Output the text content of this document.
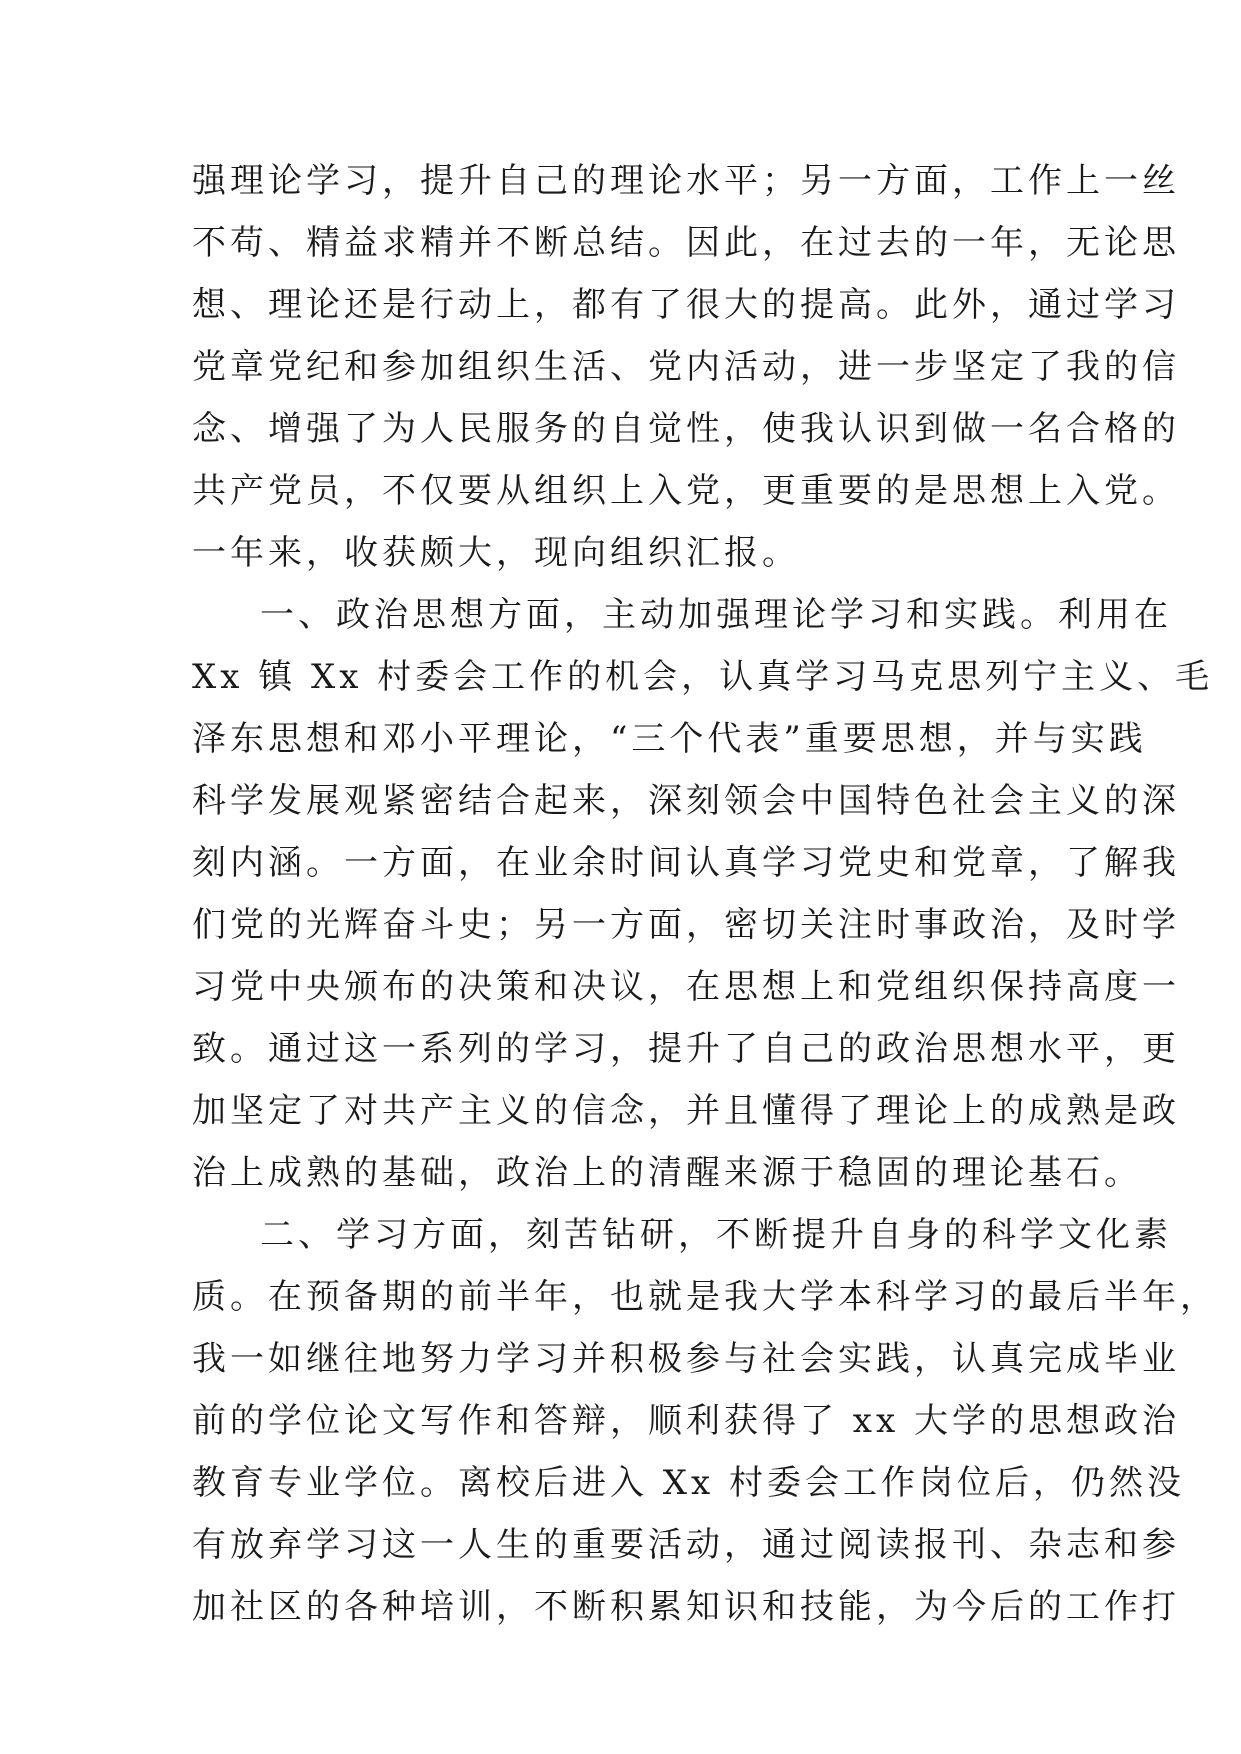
强理论学习，提升自己的理论水平；另一方面，工作上一丝
不苟、精益求精并不断总结。因此，在过去的一年，无论思
想、理论还是行动上，都有了很大的提高。此外，通过学习
党章党纪和参加组织生活、党内活动，进一步坚定了我的信
念、增强了为人民服务的自觉性，使我认识到做一名合格的
共产党员，不仅要从组织上入党，更重要的是思想上入党。
一年来，收获颇大，现向组织汇报。
一、政治思想方面，主动加强理论学习和实践。利用在
Xx 镇 Xx 村委会工作的机会，认真学习马克思列宁主义、毛
泽东思想和邓小平理论，“三个代表”重要思想，并与实践
科学发展观紧密结合起来，深刻领会中国特色社会主义的深
刻内涵。一方面，在业余时间认真学习党史和党章，了解我
们党的光辉奋斗史；另一方面，密切关注时事政治，及时学
习党中央颁布的决策和决议，在思想上和党组织保持高度一
致。通过这一系列的学习，提升了自己的政治思想水平，更
加坚定了对共产主义的信念，并且懂得了理论上的成熟是政
治上成熟的基础，政治上的清醒来源于稳固的理论基石。
二、学习方面，刻苦钻研，不断提升自身的科学文化素
质。在预备期的前半年，也就是我大学本科学习的最后半年，
我一如继往地努力学习并积极参与社会实践，认真完成毕业
前的学位论文写作和答辩，顺利获得了 xx 大学的思想政治
教育专业学位。离校后进入 Xx 村委会工作岗位后，仍然没
有放弃学习这一人生的重要活动，通过阅读报刊、杂志和参
加社区的各种培训，不断积累知识和技能，为今后的工作打
